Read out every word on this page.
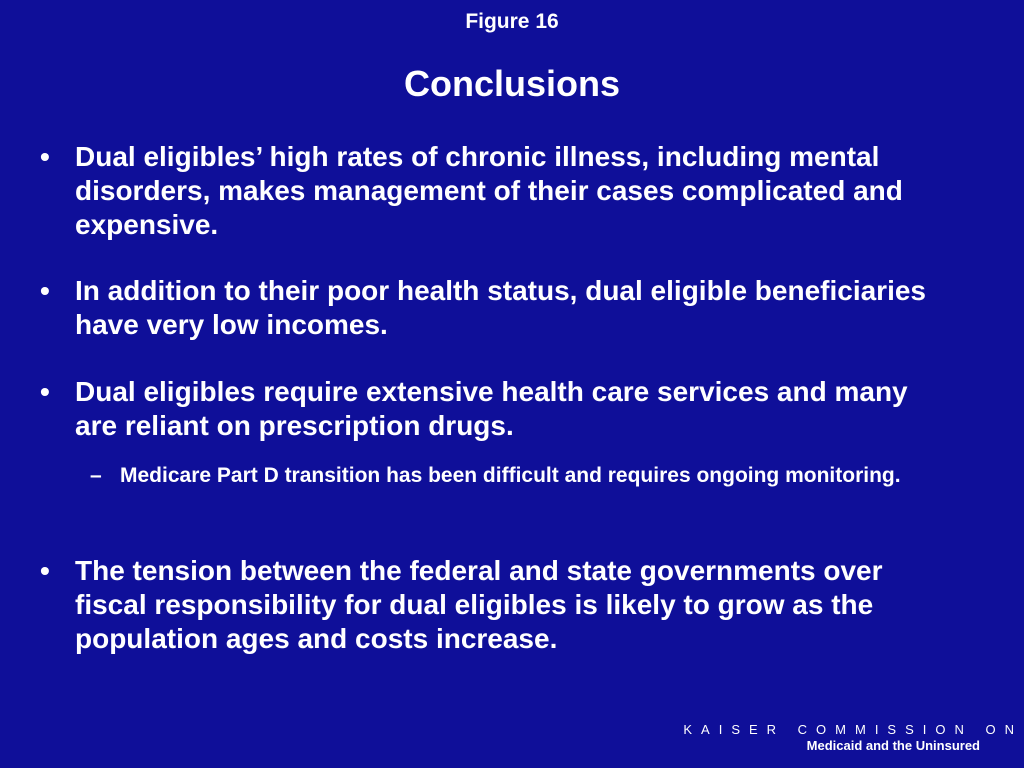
Figure 16
Conclusions
• Dual eligibles’ high rates of chronic illness, including mental disorders, makes management of their cases complicated and expensive.
• In addition to their poor health status, dual eligible beneficiaries have very low incomes.
• Dual eligibles require extensive health care services and many are reliant on prescription drugs.
– Medicare Part D transition has been difficult and requires ongoing monitoring.
• The tension between the federal and state governments over fiscal responsibility for dual eligibles is likely to grow as the population ages and costs increase.
KAISER COMMISSION ON
Medicaid and the Uninsured
